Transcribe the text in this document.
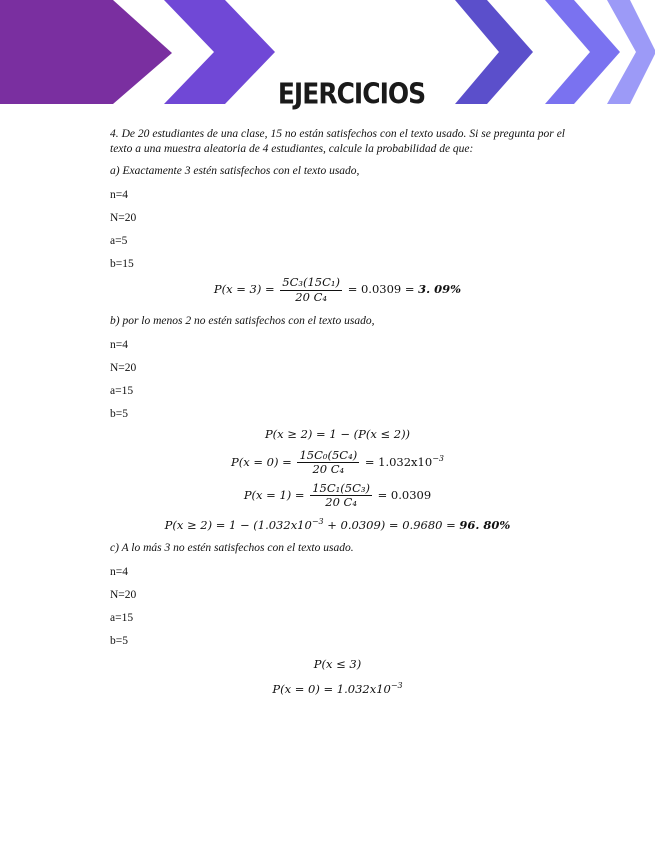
EJERCICIOS

4. De 20 estudiantes de una clase, 15 no están satisfechos con el texto usado. Si se pregunta por el texto a una muestra aleatoria de 4 estudiantes, calcule la probabilidad de que:

a) Exactamente 3 estén satisfechos con el texto usado,

n=4

N=20

a=5

b=15

$P(x = 3) = \frac{\text{5C₃(15C₁)}}{\text{20 C₄}} = 0.0309 = 3$. 09%

b) por lo menos 2 no estén satisfechos con el texto usado,

n=4

N=20

a=15

b=5

P(x ≥ 2) = 1 − (P(x ≤ 2))
$P(x = 0) = \frac{\text{15C₀(5C₄)}}{\text{20 C₄}} = 1.032x10^{-3}$
$P(x = 1) = \frac{\text{15C₁(5C₃)}}{\text{20 C₄}} = 0.0309$
$P(x \ge 2) = 1 - (1.032x10^{-3} + 0.0309) = 0.9680 = 96$. 80%

c) A lo más 3 no estén satisfechos con el texto usado.

n=4

N=20

a=15

b=5

P(x ≤ 3)
$P(x = 0) = 1.032x10^{-3}$
